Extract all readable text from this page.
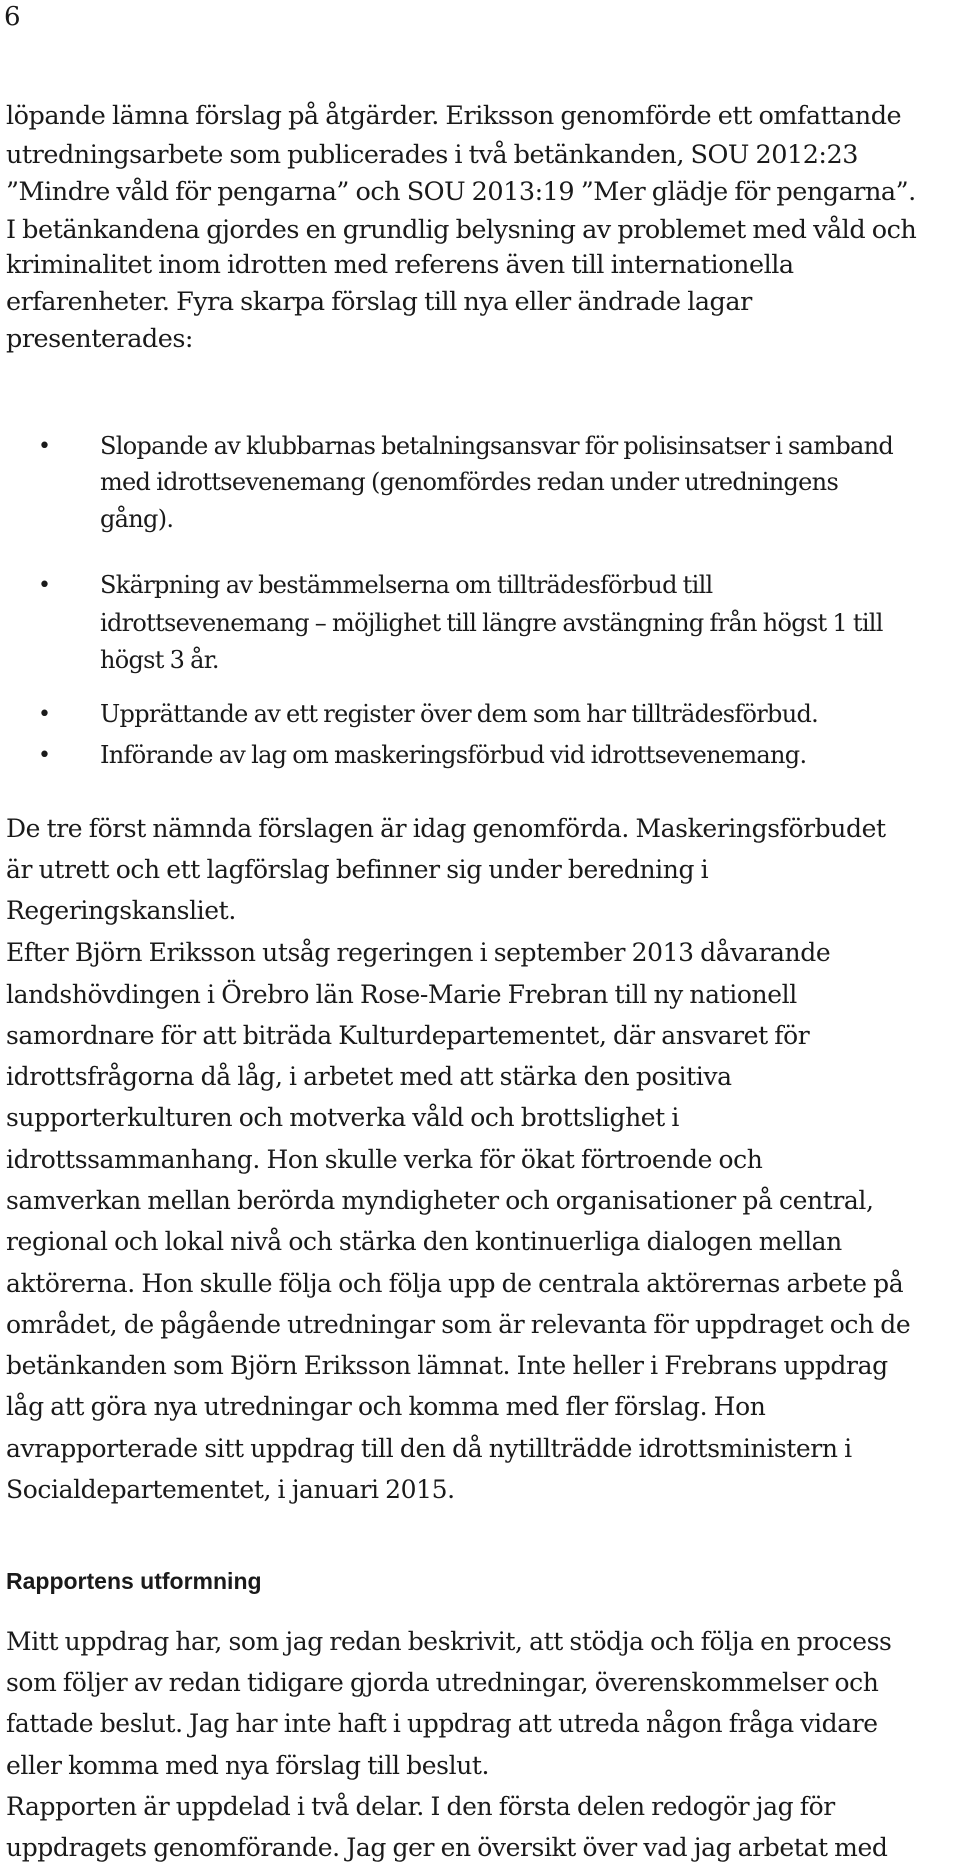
6
löpande lämna förslag på åtgärder. Eriksson genomförde ett omfattande
utredningsarbete som publicerades i två betänkanden, SOU 2012:23
”Mindre våld för pengarna” och SOU 2013:19 ”Mer glädje för pengarna”.
I betänkandena gjordes en grundlig belysning av problemet med våld och
kriminalitet inom idrotten med referens även till internationella
erfarenheter. Fyra skarpa förslag till nya eller ändrade lagar
presenterades:
• Slopande av klubbarnas betalningsansvar för polisinsatser i samband
med idrottsevenemang (genomfördes redan under utredningens
gång).
• Skärpning av bestämmelserna om tillträdesförbud till
idrottsevenemang – möjlighet till längre avstängning från högst 1 till
högst 3 år.
• Upprättande av ett register över dem som har tillträdesförbud.
• Införande av lag om maskeringsförbud vid idrottsevenemang.
De tre först nämnda förslagen är idag genomförda. Maskeringsförbudet
är utrett och ett lagförslag befinner sig under beredning i
Regeringskansliet.
Efter Björn Eriksson utsåg regeringen i september 2013 dåvarande
landshövdingen i Örebro län Rose-Marie Frebran till ny nationell
samordnare för att biträda Kulturdepartementet, där ansvaret för
idrottsfrågorna då låg, i arbetet med att stärka den positiva
supporterkulturen och motverka våld och brottslighet i
idrottssammanhang. Hon skulle verka för ökat förtroende och
samverkan mellan berörda myndigheter och organisationer på central,
regional och lokal nivå och stärka den kontinuerliga dialogen mellan
aktörerna. Hon skulle följa och följa upp de centrala aktörernas arbete på
området, de pågående utredningar som är relevanta för uppdraget och de
betänkanden som Björn Eriksson lämnat. Inte heller i Frebrans uppdrag
låg att göra nya utredningar och komma med fler förslag. Hon
avrapporterade sitt uppdrag till den då nytillträdde idrottsministern i
Socialdepartementet, i januari 2015.
Rapportens utformning
Mitt uppdrag har, som jag redan beskrivit, att stödja och följa en process
som följer av redan tidigare gjorda utredningar, överenskommelser och
fattade beslut. Jag har inte haft i uppdrag att utreda någon fråga vidare
eller komma med nya förslag till beslut.
Rapporten är uppdelad i två delar. I den första delen redogör jag för
uppdragets genomförande. Jag ger en översikt över vad jag arbetat med
